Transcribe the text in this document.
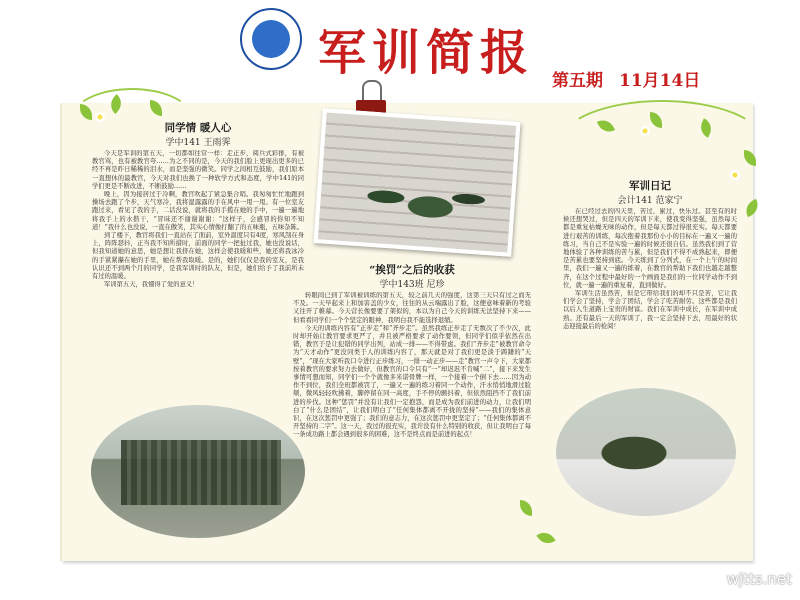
军训简报 第五期 11月14日
同学情 暖人心
学中141 王雨霁

今天是军训的第五天，一切都如往常一样：走正步，阅兵式彩排，有被教官骂，也有被教官夸……为之不同的是，今天的我们脸上更现出更多的已经不再是昨日稀稀的泪水，而是坚强的微笑。同学之间相互鼓励，我们原本一直想休的最教官，今天对我们也换了一种软学方式和态度，学中141的同学们更是不断改进，不断鼓励……

晚上，因为接居过于冷啊，教官吹起了紧急集合哨。我匆匆忙忙地跑到操场去跑了个步，天气寒冷，我将湿露露的手在风中一甩一甩。有一位室友跑过来，看见了我的手，二话没说，就将我的手揽在她的手中，一遍一遍地将我手上的水揩干，“冒昧还不谢谢谢谢：“这样子，会感冒的你知不知道！”我什么也没说，一直在傲笑，其实心情像打翻了的五味瓶，五味杂陈。

到了楼下，教官将我们一直站在了面前，室外温度只有4度，寒风刮在身上，阵阵瑟抖，正当我不知所措时，前面的同学一把扯过我，她也没说话，但我知道她的意思，她是想让我挤在她，这样会使我暖和些，她还将我冰冷的手紧紧攥在她的手里，她在帮我取暖。是的，她们仅仅是我的室友，是我认识还不到两个月的同学，是我军训时的队友，但是，她们给予了我前所未有过的温暖。

军训第五天，我懂得了爱的意义！

“挨罚”之后的收获
学中143班 尼珍

转眼间已到了军训被训练的第五天，较之前几天的强度，这第三天只有过之而无不及。一天早起来上和加害盖的少女，往往的从云端露出了脸，这便意味着新的考验又往开了帷幕。今天营长像要要了架似的，本以为自己今天的训练无法坚持下来——但看看同学们一个个坚定的眼神，我明白我不能选择退缩。

今天的训练内容有“正步走”和“齐步走”。虽然我练正步走了无数次了不少次，此时却开始让教官要求更严了，并且被严格要求了动作要领，但同学们似乎依然在出错，教官于是让犯错的同学出列，站成一排——不得带虑。我们“齐步走”被教官命令为“天才动作”更没同类于人的训练内容了，那天就是对了我们更是淡于踌躇的“天壁”，“现在大家听我口令进行正步练习，一排一动正步——走”教官一声令下，大家都按着教官的要求努力去做好，但教官的口令只有“一”却迟迟不肯喊“二”，接下来发生事情可想而知，同学们一个个就像多米诺骨牌一样，一个接着一个倒下去……因为动作不到位，我们全班都被罚了，一遍又一遍的练习着同一个动作，汗水悄悄地滑过脸颊，微风轻轻吹拂着，脚停留在同一高度，手不停的颤抖着，但依然阻挡不了我们前进的步伐。这种“惩罚”并没有让我们一定抱怨，而是成为我们前进的动力，让我们明白了“什么是团结”，让我们明白了“任何集体都离不开拢的坚持”——我们的集体意识，在这次惩罚中更强了；我们的意志力，在这次惩罚中更坚定了；“任何集体都离不开坚持的二字”。这一天，我过的很充实，我许没有什么特别的收获，但让我明白了每一条成功路上都会遇到很多的困难，这不是终点而是前进的起点！

军训日记
会计141 范家宁

在已经过去的四天里，苦过，累过，快乐过。甚至有的时候还想哭过，但是四天的军训下来，使我变得坚强，虽然每天都是重复枯燥无味的动作，但是每天都过得很充实。每天都要进行艰苦的训练，每次抱着我那份小小的目标在一遍又一遍的练习，当自己不是实验一遍的时候还很自信。虽然我们到了营地体验了各种训练的苦与累，但是我们不得不成熟起来，即便是苦累也要坚持到底。今天练到了分列式，在一个上午的时间里，我们一遍又一遍的练着，在教官的帮助下我们也越走越整齐，在这个过程中最好的一个画面是我们的一位同学动作不到位，就一遍一遍的重复着，直到做好。

军训生活虽然苦，但是它带给我们的却不只是苦，它让我们学会了坚持，学会了团结，学会了吃苦耐劳。这些都是我们以后人生道路上宝贵的财富。我们在军训中成长，在军训中成熟。还有最后一天的军训了，我一定会坚持下去，用最好的状态迎接最后的检阅！

wjtts.net
